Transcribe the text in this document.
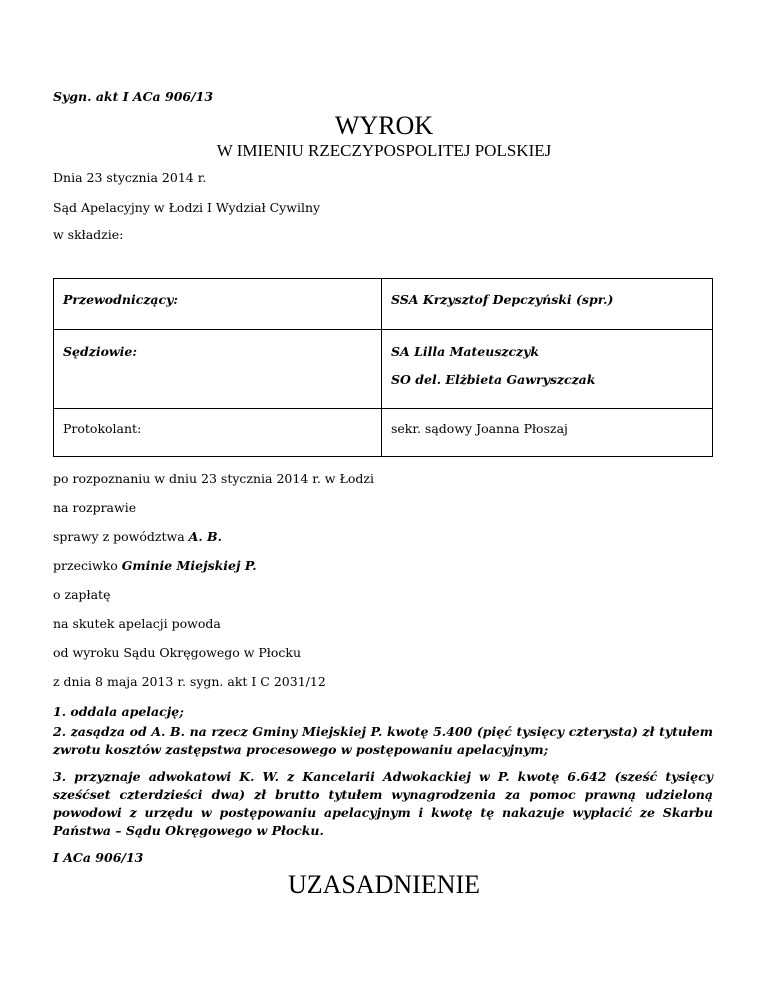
Sygn. akt I ACa 906/13
WYROK
W IMIENIU RZECZYPOSPOLITEJ POLSKIEJ
Dnia 23 stycznia 2014 r.
Sąd Apelacyjny w Łodzi I Wydział Cywilny
w składzie:
Przewodniczący:	SSA Krzysztof Depczyński (spr.)

Sędziowie:	SA Lilla Mateuszczyk
SO del. Elżbieta Gawryszczak

Protokolant:	sekr. sądowy Joanna Płoszaj
po rozpoznaniu w dniu 23 stycznia 2014 r. w Łodzi
na rozprawie
sprawy z powództwa A. B.
przeciwko Gminie Miejskiej P.
o zapłatę
na skutek apelacji powoda
od wyroku Sądu Okręgowego w Płocku
z dnia 8 maja 2013 r. sygn. akt I C 2031/12
1. oddala apelację;
2. zasądza od A. B. na rzecz Gminy Miejskiej P. kwotę 5.400 (pięć tysięcy czterysta) zł tytułem zwrotu kosztów zastępstwa procesowego w postępowaniu apelacyjnym;
3. przyznaje adwokatowi K. W. z Kancelarii Adwokackiej w P. kwotę 6.642 (sześć tysięcy sześćset czterdzieści dwa) zł brutto tytułem wynagrodzenia za pomoc prawną udzieloną powodowi z urzędu w postępowaniu apelacyjnym i kwotę tę nakazuje wypłacić ze Skarbu Państwa – Sądu Okręgowego w Płocku.
I ACa 906/13
UZASADNIENIE
